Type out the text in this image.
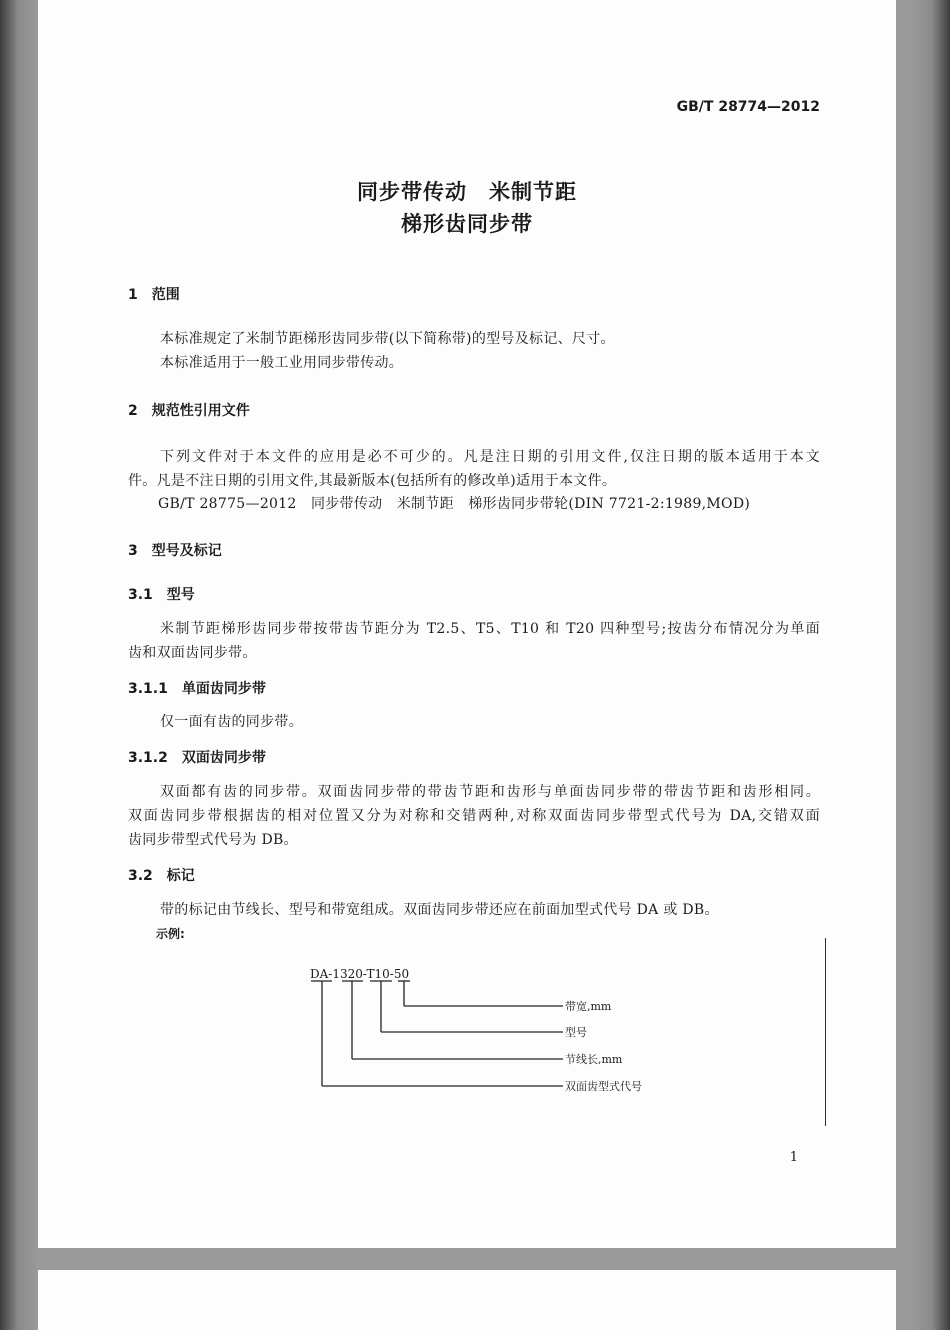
GB/T 28774—2012
同步带传动　米制节距
梯形齿同步带
1　范围
本标准规定了米制节距梯形齿同步带(以下简称带)的型号及标记、尺寸。
本标准适用于一般工业用同步带传动。
2　规范性引用文件
下列文件对于本文件的应用是必不可少的。凡是注日期的引用文件,仅注日期的版本适用于本文
件。凡是不注日期的引用文件,其最新版本(包括所有的修改单)适用于本文件。
GB/T 28775—2012　同步带传动　米制节距　梯形齿同步带轮(DIN 7721-2:1989,MOD)
3　型号及标记
3.1　型号
米制节距梯形齿同步带按带齿节距分为 T2.5、T5、T10 和 T20 四种型号;按齿分布情况分为单面
齿和双面齿同步带。
3.1.1　单面齿同步带
仅一面有齿的同步带。
3.1.2　双面齿同步带
双面都有齿的同步带。双面齿同步带的带齿节距和齿形与单面齿同步带的带齿节距和齿形相同。
双面齿同步带根据齿的相对位置又分为对称和交错两种,对称双面齿同步带型式代号为 DA,交错双面
齿同步带型式代号为 DB。
3.2　标记
带的标记由节线长、型号和带宽组成。双面齿同步带还应在前面加型式代号 DA 或 DB。
示例:
DA-1320-T10-50
带宽,mm
型号
节线长,mm
双面齿型式代号
1
